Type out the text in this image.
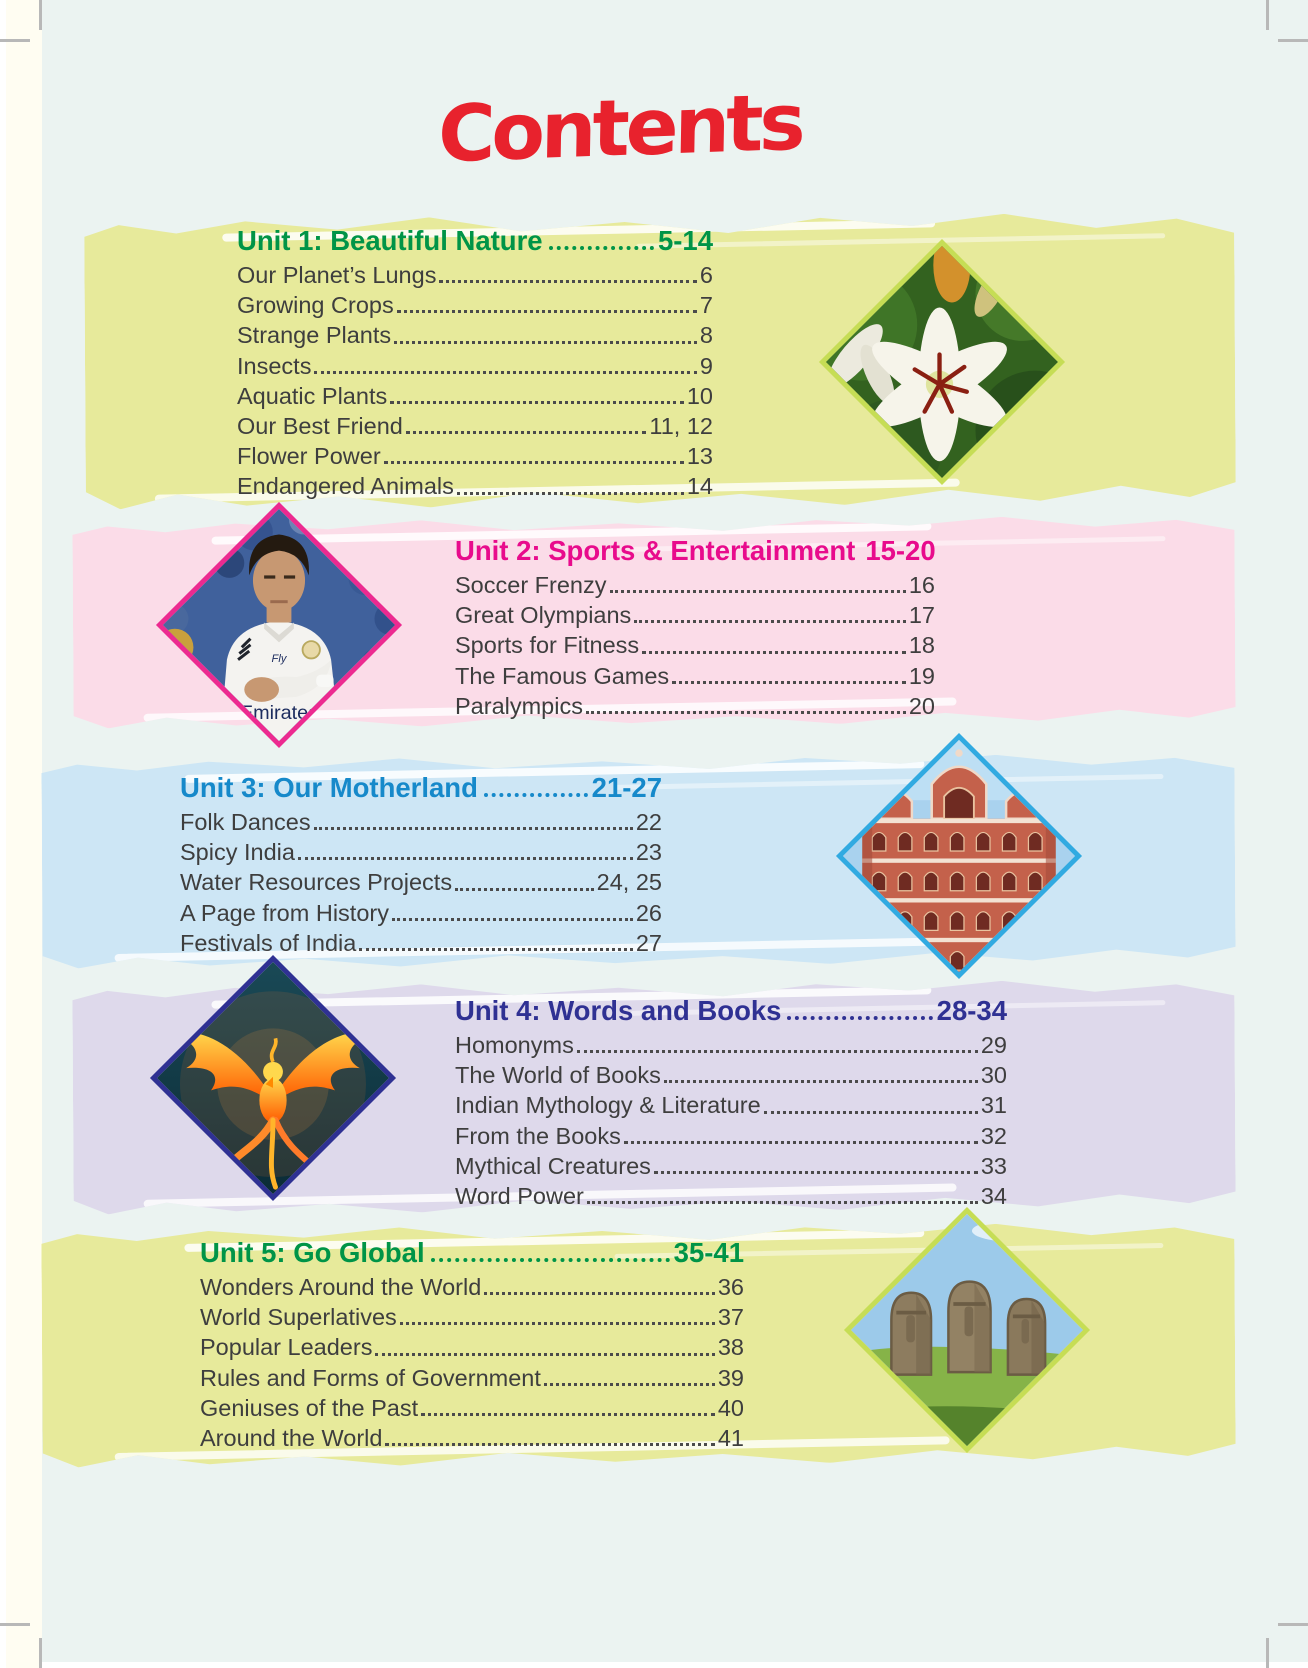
Contents
Fly
Emirates
Unit 1: Beautiful Nature	5-14
Our Planet’s Lungs	6
Growing Crops	7
Strange Plants	8
Insects	9
Aquatic Plants	10
Our Best Friend	11, 12
Flower Power	13
Endangered Animals	14
Unit 2: Sports & Entertainment 15-20
Soccer Frenzy	16
Great Olympians	17
Sports for Fitness	18
The Famous Games	19
Paralympics	20
Unit 3: Our Motherland	21-27
Folk Dances	22
Spicy India	23
Water Resources Projects	24, 25
A Page from History	26
Festivals of India	27
Unit 4: Words and Books	28-34
Homonyms	29
The World of Books	30
Indian Mythology & Literature	31
From the Books	32
Mythical Creatures	33
Word Power	34
Unit 5: Go Global	35-41
Wonders Around the World	36
World Superlatives	37
Popular Leaders	38
Rules and Forms of Government	39
Geniuses of the Past	40
Around the World	41
